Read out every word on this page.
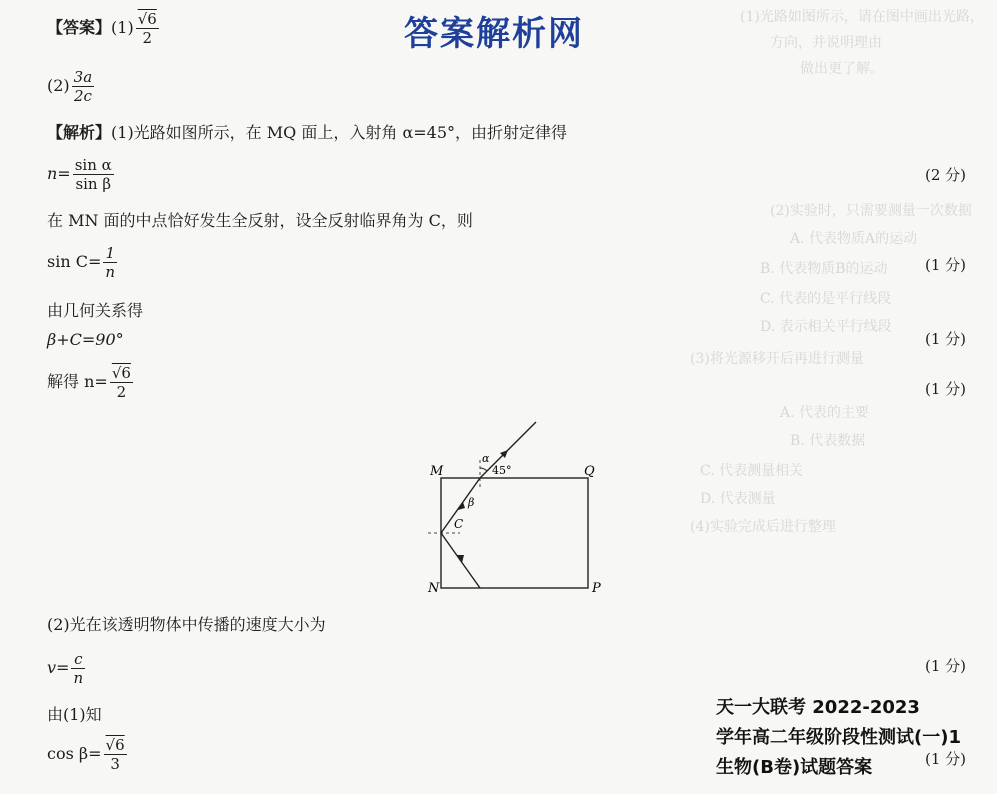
(1)光路如图所示，请在图中画出光路，
方向，并说明理由
做出更了解。
(2)实验时，只需要测量一次数据
A. 代表物质A的运动
B. 代表物质B的运动
C. 代表的是平行线段
D. 表示相关平行线段
(3)将光源移开后再进行测量
A. 代表的主要
B. 代表数据
C. 代表测量相关
D. 代表测量
(4)实验完成后进行整理
答案解析网
【答案】$(1) \frac{√6}{2}$
$(2) \frac{3a}{2c}$
【解析】(1)光路如图所示，在 MQ 面上，入射角 α=45°，由折射定律得
$n= \frac{\text{sin α}}{\text{sin β}}$	(2 分)
在 MN 面的中点恰好发生全反射，设全反射临界角为 C，则
$\sin C= \frac{1}{n}$	(1 分)
由几何关系得
β+C=90°	(1 分)
解得 $n= \frac{√6}{2}$	(1 分)
M	Q
N	P
α
45°
β
C
(2)光在该透明物体中传播的速度大小为
$v= \frac{c}{n}$	(1 分)
由(1)知
$\cos \beta= \frac{√6}{3}$	(1 分)
天一大联考 2022-2023
学年高二年级阶段性测试(一)1
生物(B卷)试题答案
